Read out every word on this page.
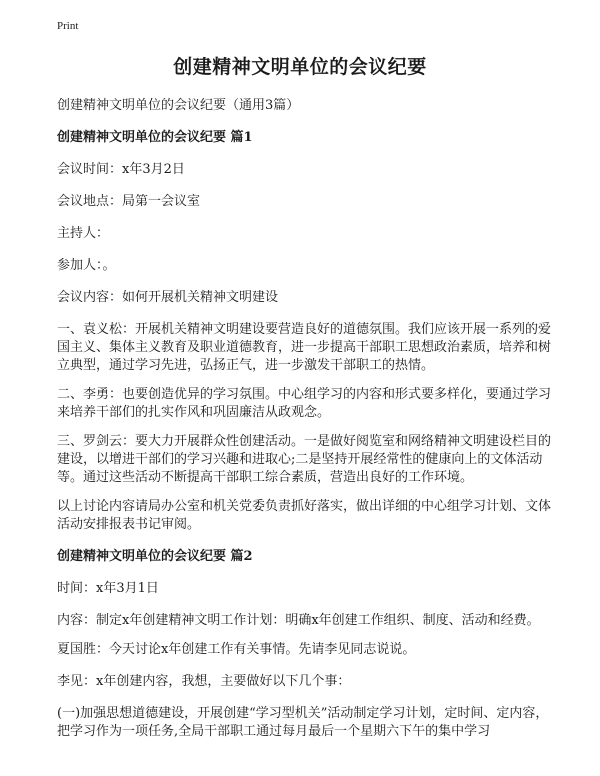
Print
创建精神文明单位的会议纪要

创建精神文明单位的会议纪要（通用3篇）

创建精神文明单位的会议纪要 篇1

会议时间：x年3月2日

会议地点：局第一会议室

主持人：

参加人：。

会议内容：如何开展机关精神文明建设

一、袁义松：开展机关精神文明建设要营造良好的道德氛围。我们应该开展一系列的爱国主义、集体主义教育及职业道德教育，进一步提高干部职工思想政治素质，培养和树立典型，通过学习先进，弘扬正气，进一步激发干部职工的热情。

二、李勇：也要创造优异的学习氛围。中心组学习的内容和形式要多样化，要通过学习来培养干部们的扎实作风和巩固廉洁从政观念。

三、罗剑云：要大力开展群众性创建活动。一是做好阅览室和网络精神文明建设栏目的建设，以增进干部们的学习兴趣和进取心;二是坚持开展经常性的健康向上的文体活动等。通过这些活动不断提高干部职工综合素质，营造出良好的工作环境。

以上讨论内容请局办公室和机关党委负责抓好落实，做出详细的中心组学习计划、文体活动安排报表书记审阅。

创建精神文明单位的会议纪要 篇2

时间：x年3月1日

内容：制定x年创建精神文明工作计划：明确x年创建工作组织、制度、活动和经费。

夏国胜：今天讨论x年创建工作有关事情。先请李见同志说说。

李见：x年创建内容，我想，主要做好以下几个事：

(一)加强思想道德建设，开展创建“学习型机关”活动制定学习计划，定时间、定内容，把学习作为一项任务,全局干部职工通过每月最后一个星期六下午的集中学习
